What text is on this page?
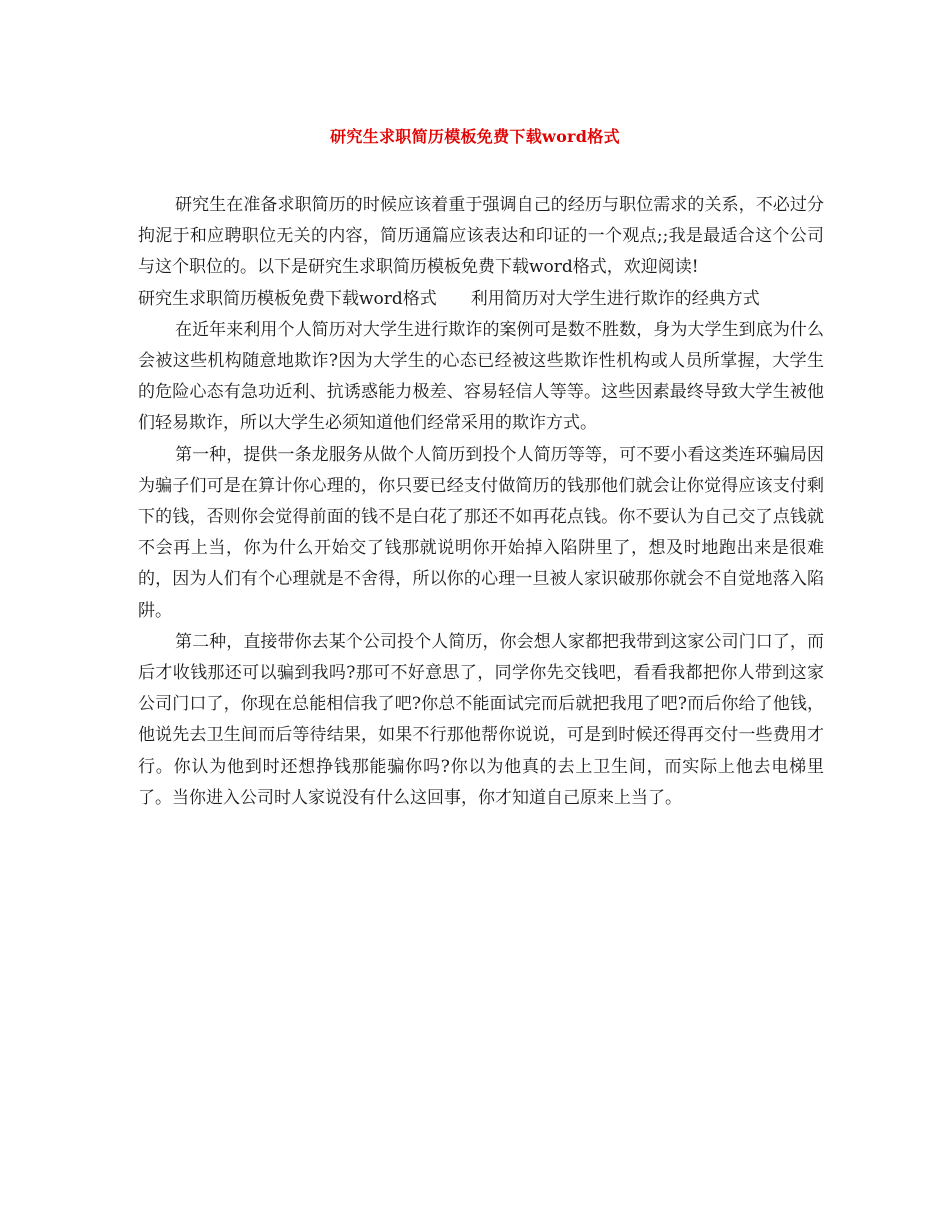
研究生求职简历模板免费下载word格式

研究生在准备求职简历的时候应该着重于强调自己的经历与职位需求的关系，不必过分拘泥于和应聘职位无关的内容，简历通篇应该表达和印证的一个观点;;我是最适合这个公司与这个职位的。以下是研究生求职简历模板免费下载word格式，欢迎阅读!

研究生求职简历模板免费下载word格式 利用简历对大学生进行欺诈的经典方式

在近年来利用个人简历对大学生进行欺诈的案例可是数不胜数，身为大学生到底为什么会被这些机构随意地欺诈?因为大学生的心态已经被这些欺诈性机构或人员所掌握，大学生的危险心态有急功近利、抗诱惑能力极差、容易轻信人等等。这些因素最终导致大学生被他们轻易欺诈，所以大学生必须知道他们经常采用的欺诈方式。

第一种，提供一条龙服务从做个人简历到投个人简历等等，可不要小看这类连环骗局因为骗子们可是在算计你心理的，你只要已经支付做简历的钱那他们就会让你觉得应该支付剩下的钱，否则你会觉得前面的钱不是白花了那还不如再花点钱。你不要认为自己交了点钱就不会再上当，你为什么开始交了钱那就说明你开始掉入陷阱里了，想及时地跑出来是很难的，因为人们有个心理就是不舍得，所以你的心理一旦被人家识破那你就会不自觉地落入陷阱。

第二种，直接带你去某个公司投个人简历，你会想人家都把我带到这家公司门口了，而后才收钱那还可以骗到我吗?那可不好意思了，同学你先交钱吧，看看我都把你人带到这家公司门口了，你现在总能相信我了吧?你总不能面试完而后就把我甩了吧?而后你给了他钱，他说先去卫生间而后等待结果，如果不行那他帮你说说，可是到时候还得再交付一些费用才行。你认为他到时还想挣钱那能骗你吗?你以为他真的去上卫生间，而实际上他去电梯里了。当你进入公司时人家说没有什么这回事，你才知道自己原来上当了。
